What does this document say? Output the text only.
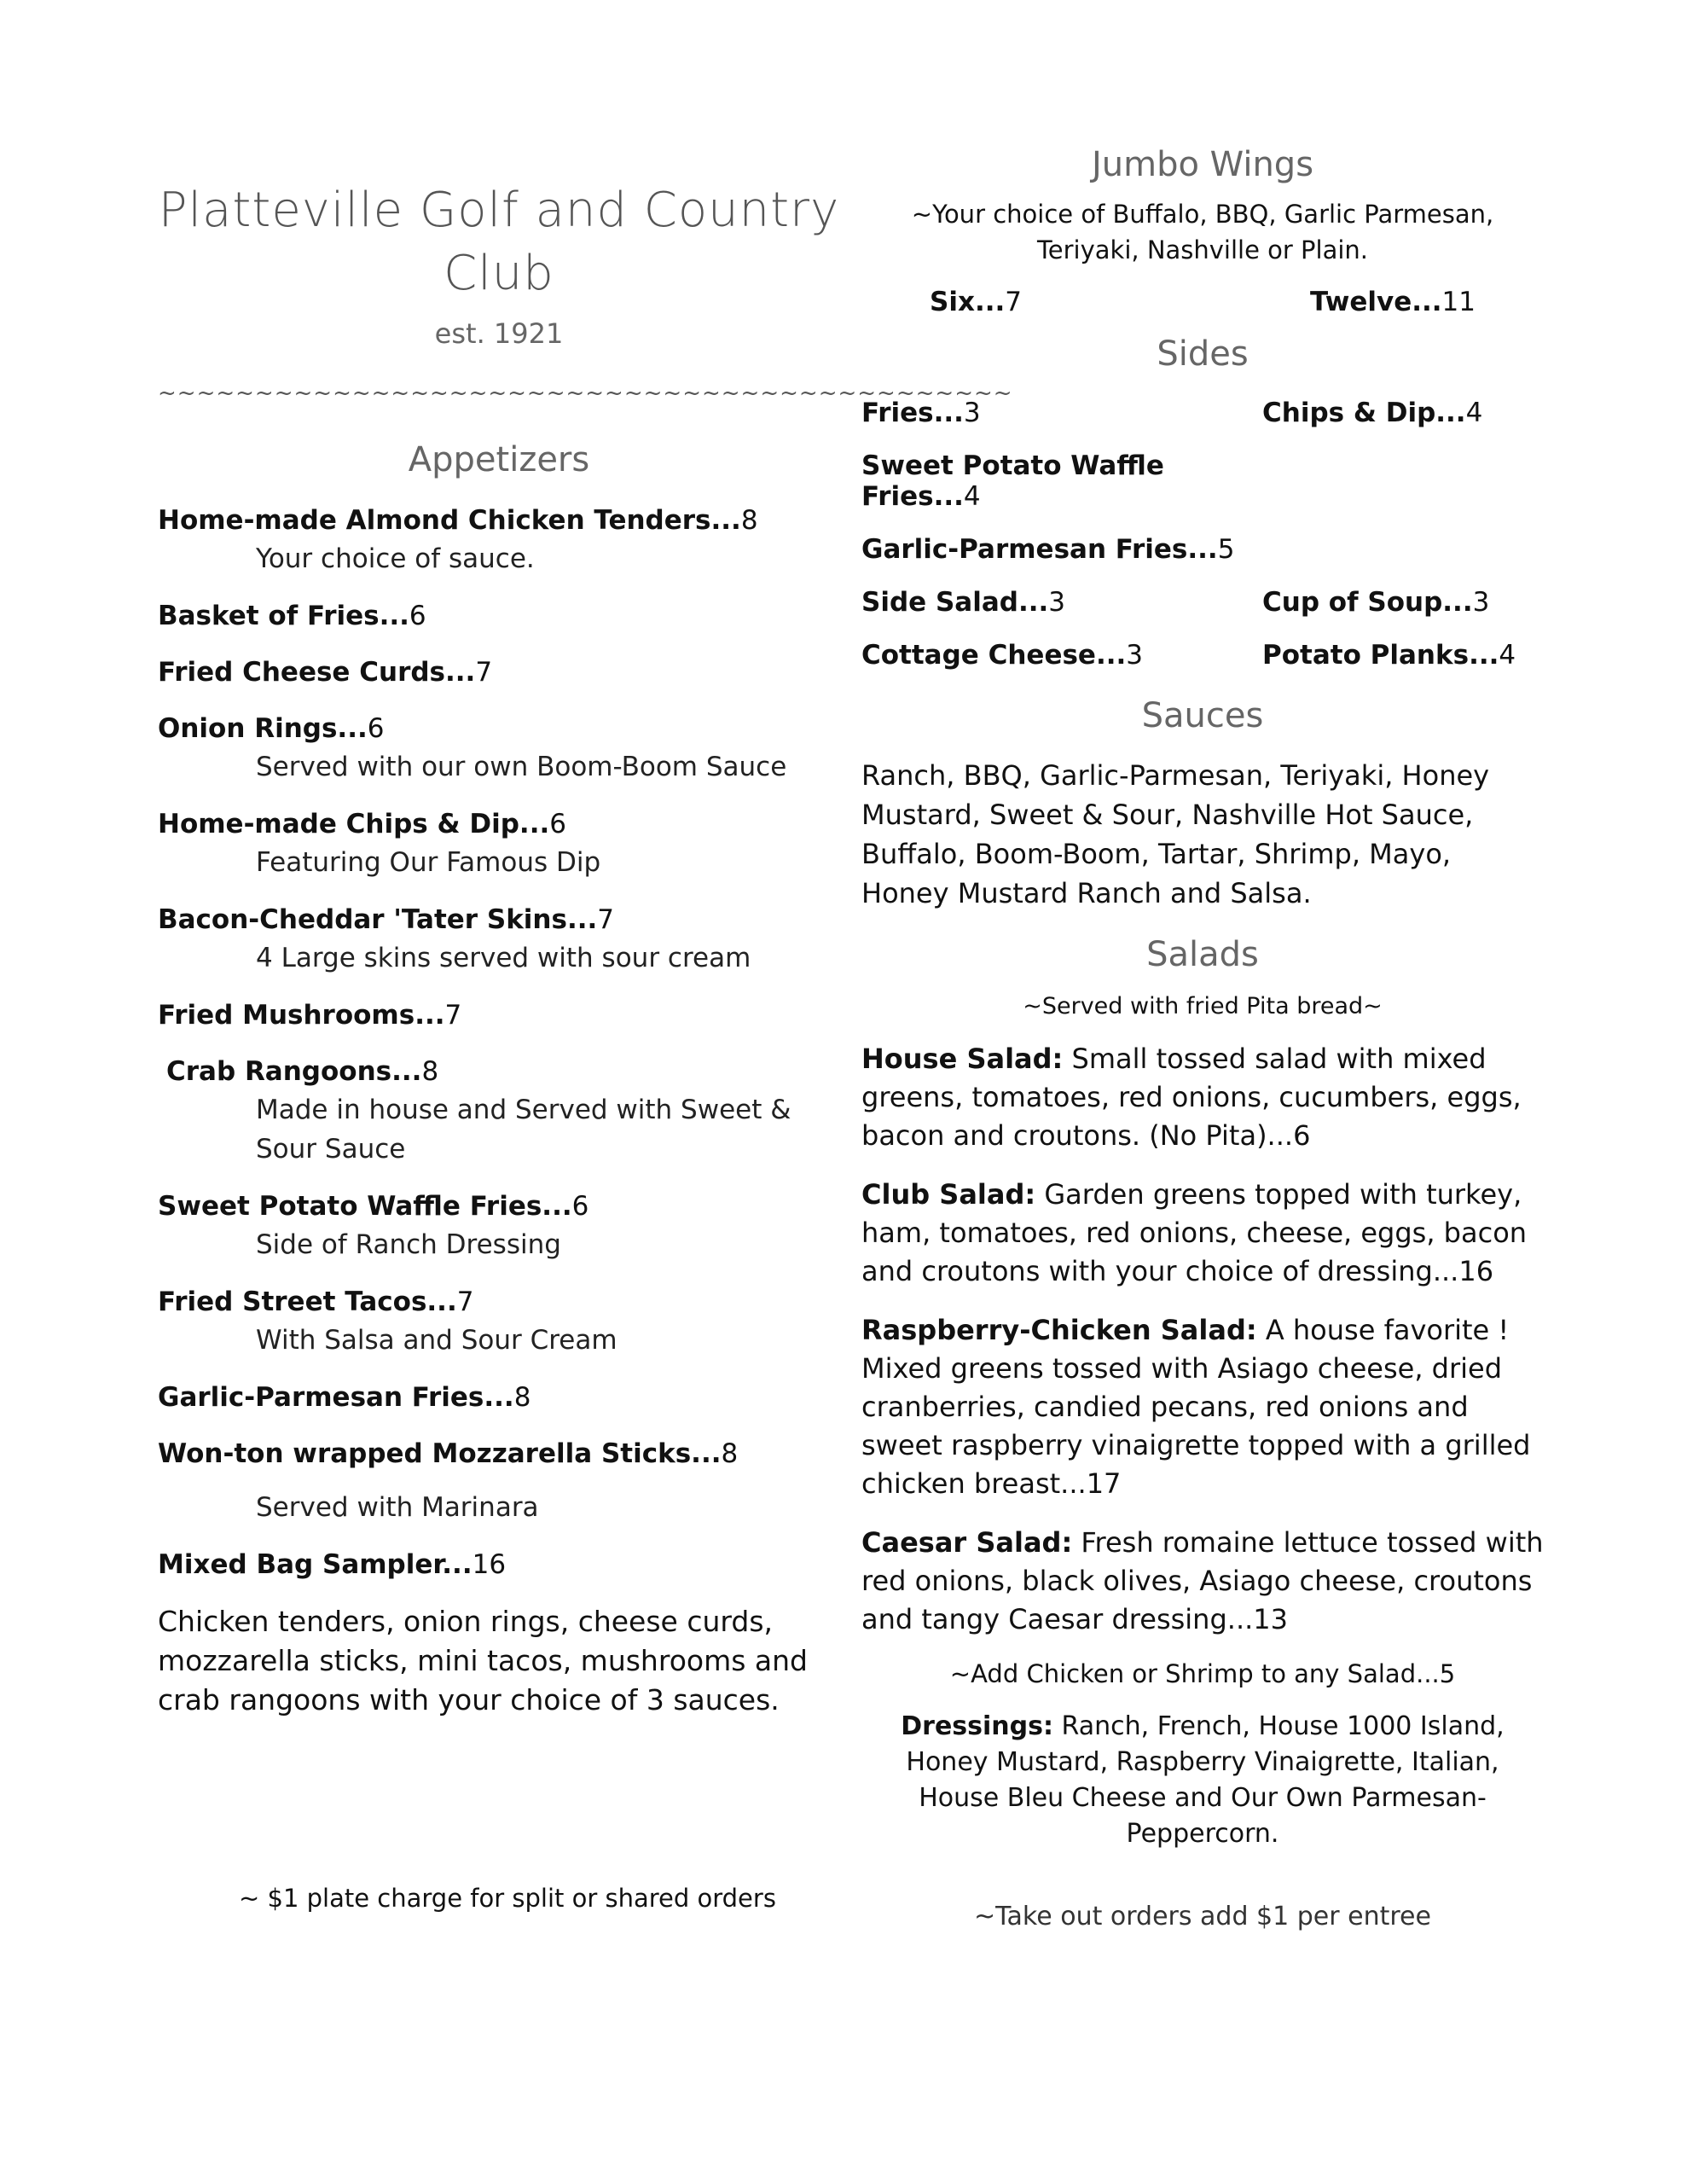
Platteville Golf and Country Club
est. 1921
~~~~~~~~~~~~~~~~~~~~~~~~~~~~~~~~~~~~~~~~~~~~
Appetizers
Home-made Almond Chicken Tenders...8
Your choice of sauce.
Basket of Fries...6
Fried Cheese Curds...7
Onion Rings...6
Served with our own Boom-Boom Sauce
Home-made Chips & Dip...6
Featuring Our Famous Dip
Bacon-Cheddar 'Tater Skins...7
4 Large skins served with sour cream
Fried Mushrooms...7
Crab Rangoons...8
Made in house and Served with Sweet & Sour Sauce
Sweet Potato Waffle Fries...6
Side of Ranch Dressing
Fried Street Tacos...7
With Salsa and Sour Cream
Garlic-Parmesan Fries...8
Won-ton wrapped Mozzarella Sticks...8
Served with Marinara
Mixed Bag Sampler...16
Chicken tenders, onion rings, cheese curds, mozzarella sticks, mini tacos, mushrooms and crab rangoons with your choice of 3 sauces.
~ $1 plate charge for split or shared orders
Jumbo Wings
~Your choice of Buffalo, BBQ, Garlic Parmesan, Teriyaki, Nashville or Plain.
Six...7	Twelve...11
Sides
Fries...3	Chips & Dip...4
Sweet Potato Waffle Fries...4
Garlic-Parmesan Fries...5
Side Salad...3	Cup of Soup...3
Cottage Cheese...3	Potato Planks...4
Sauces
Ranch, BBQ, Garlic-Parmesan, Teriyaki, Honey Mustard, Sweet & Sour, Nashville Hot Sauce, Buffalo, Boom-Boom, Tartar, Shrimp, Mayo, Honey Mustard Ranch and Salsa.
Salads
~Served with fried Pita bread~
House Salad: Small tossed salad with mixed greens, tomatoes, red onions, cucumbers, eggs, bacon and croutons. (No Pita)...6
Club Salad: Garden greens topped with turkey, ham, tomatoes, red onions, cheese, eggs, bacon and croutons with your choice of dressing...16
Raspberry-Chicken Salad: A house favorite ! Mixed greens tossed with Asiago cheese, dried cranberries, candied pecans, red onions and sweet raspberry vinaigrette topped with a grilled chicken breast...17
Caesar Salad: Fresh romaine lettuce tossed with red onions, black olives, Asiago cheese, croutons and tangy Caesar dressing...13
~Add Chicken or Shrimp to any Salad...5
Dressings: Ranch, French, House 1000 Island, Honey Mustard, Raspberry Vinaigrette, Italian, House Bleu Cheese and Our Own Parmesan-Peppercorn.
~Take out orders add $1 per entree
